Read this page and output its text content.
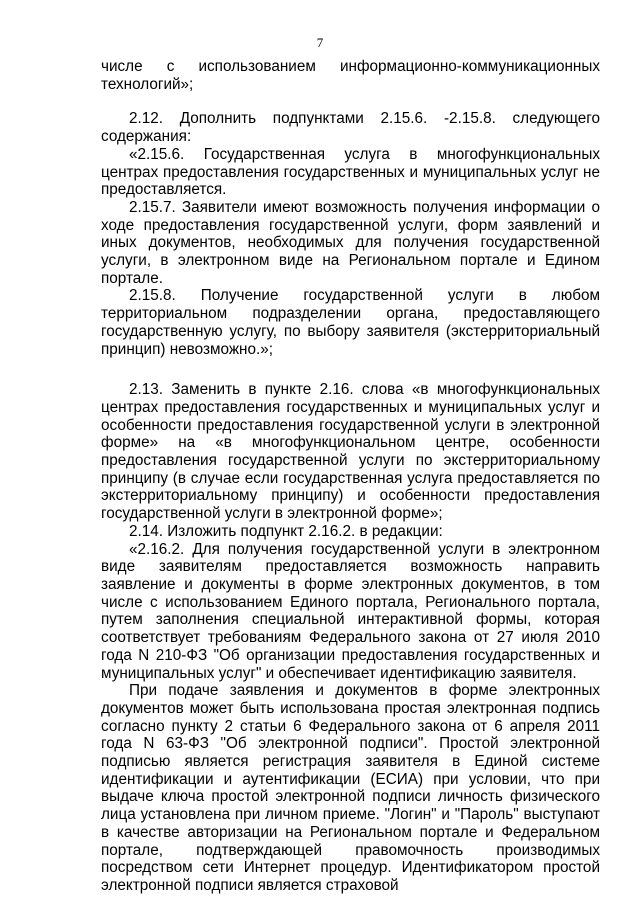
7

числе с использованием информационно-коммуникационных технологий»;

2.12. Дополнить подпунктами 2.15.6. -2.15.8. следующего содержания:

«2.15.6. Государственная услуга в многофункциональных центрах предоставления государственных и муниципальных услуг не предоставляется.

2.15.7. Заявители имеют возможность получения информации о ходе предоставления государственной услуги, форм заявлений и иных документов, необходимых для получения государственной услуги, в электронном виде на Региональном портале и Едином портале.

2.15.8. Получение государственной услуги в любом территориальном подразделении органа, предоставляющего государственную услугу, по выбору заявителя (экстерриториальный принцип) невозможно.»;

2.13. Заменить в пункте 2.16. слова «в многофункциональных центрах предоставления государственных и муниципальных услуг и особенности предоставления государственной услуги в электронной форме» на «в многофункциональном центре, особенности предоставления государственной услуги по экстерриториальному принципу (в случае если государственная услуга предоставляется по экстерриториальному принципу) и особенности предоставления государственной услуги в электронной форме»;

2.14. Изложить подпункт 2.16.2. в редакции:

«2.16.2. Для получения государственной услуги в электронном виде заявителям предоставляется возможность направить заявление и документы в форме электронных документов, в том числе с использованием Единого портала, Регионального портала, путем заполнения специальной интерактивной формы, которая соответствует требованиям Федерального закона от 27 июля 2010 года N 210-ФЗ "Об организации предоставления государственных и муниципальных услуг" и обеспечивает идентификацию заявителя.

При подаче заявления и документов в форме электронных документов может быть использована простая электронная подпись согласно пункту 2 статьи 6 Федерального закона от 6 апреля 2011 года N 63-ФЗ "Об электронной подписи". Простой электронной подписью является регистрация заявителя в Единой системе идентификации и аутентификации (ЕСИА) при условии, что при выдаче ключа простой электронной подписи личность физического лица установлена при личном приеме. "Логин" и "Пароль" выступают в качестве авторизации на Региональном портале и Федеральном портале, подтверждающей правомочность производимых посредством сети Интернет процедур. Идентификатором простой электронной подписи является страховой
